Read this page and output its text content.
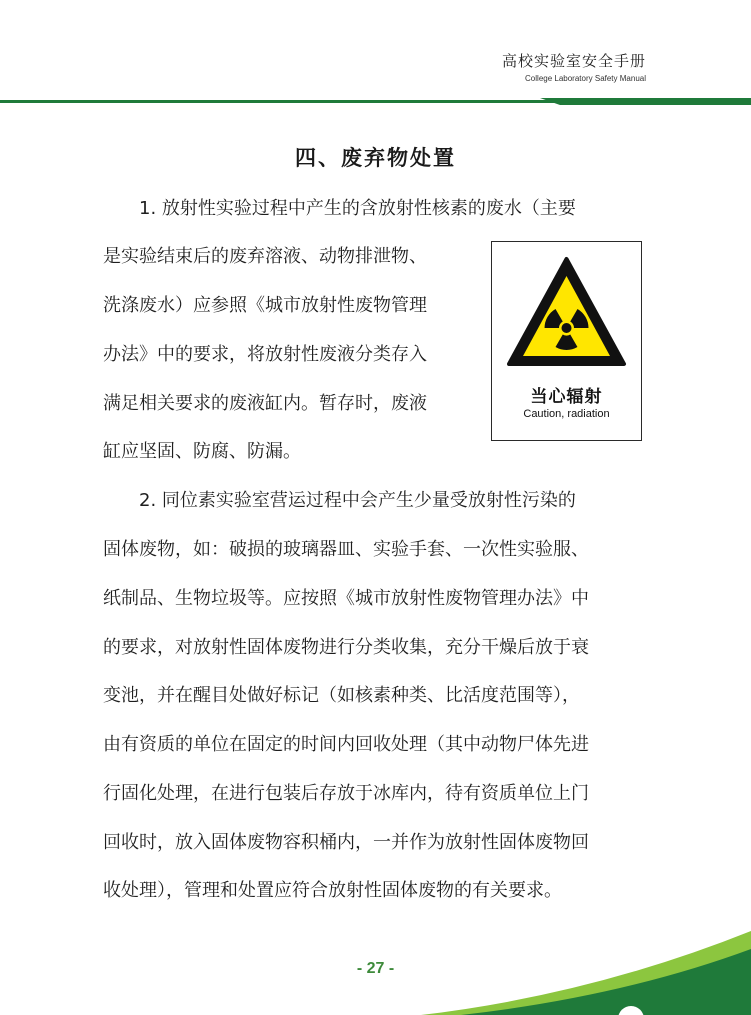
高校实验室安全手册
College Laboratory Safety Manual
四、废弃物处置
1. 放射性实验过程中产生的含放射性核素的废水（主要
是实验结束后的废弃溶液、动物排泄物、
洗涤废水）应参照《城市放射性废物管理
办法》中的要求，将放射性废液分类存入
满足相关要求的废液缸内。暂存时，废液
缸应坚固、防腐、防漏。
当心辐射
Caution, radiation
2. 同位素实验室营运过程中会产生少量受放射性污染的
固体废物，如：破损的玻璃器皿、实验手套、一次性实验服、
纸制品、生物垃圾等。应按照《城市放射性废物管理办法》中
的要求，对放射性固体废物进行分类收集，充分干燥后放于衰
变池，并在醒目处做好标记（如核素种类、比活度范围等），
由有资质的单位在固定的时间内回收处理（其中动物尸体先进
行固化处理，在进行包装后存放于冰库内，待有资质单位上门
回收时，放入固体废物容积桶内，一并作为放射性固体废物回
收处理），管理和处置应符合放射性固体废物的有关要求。
- 27 -
